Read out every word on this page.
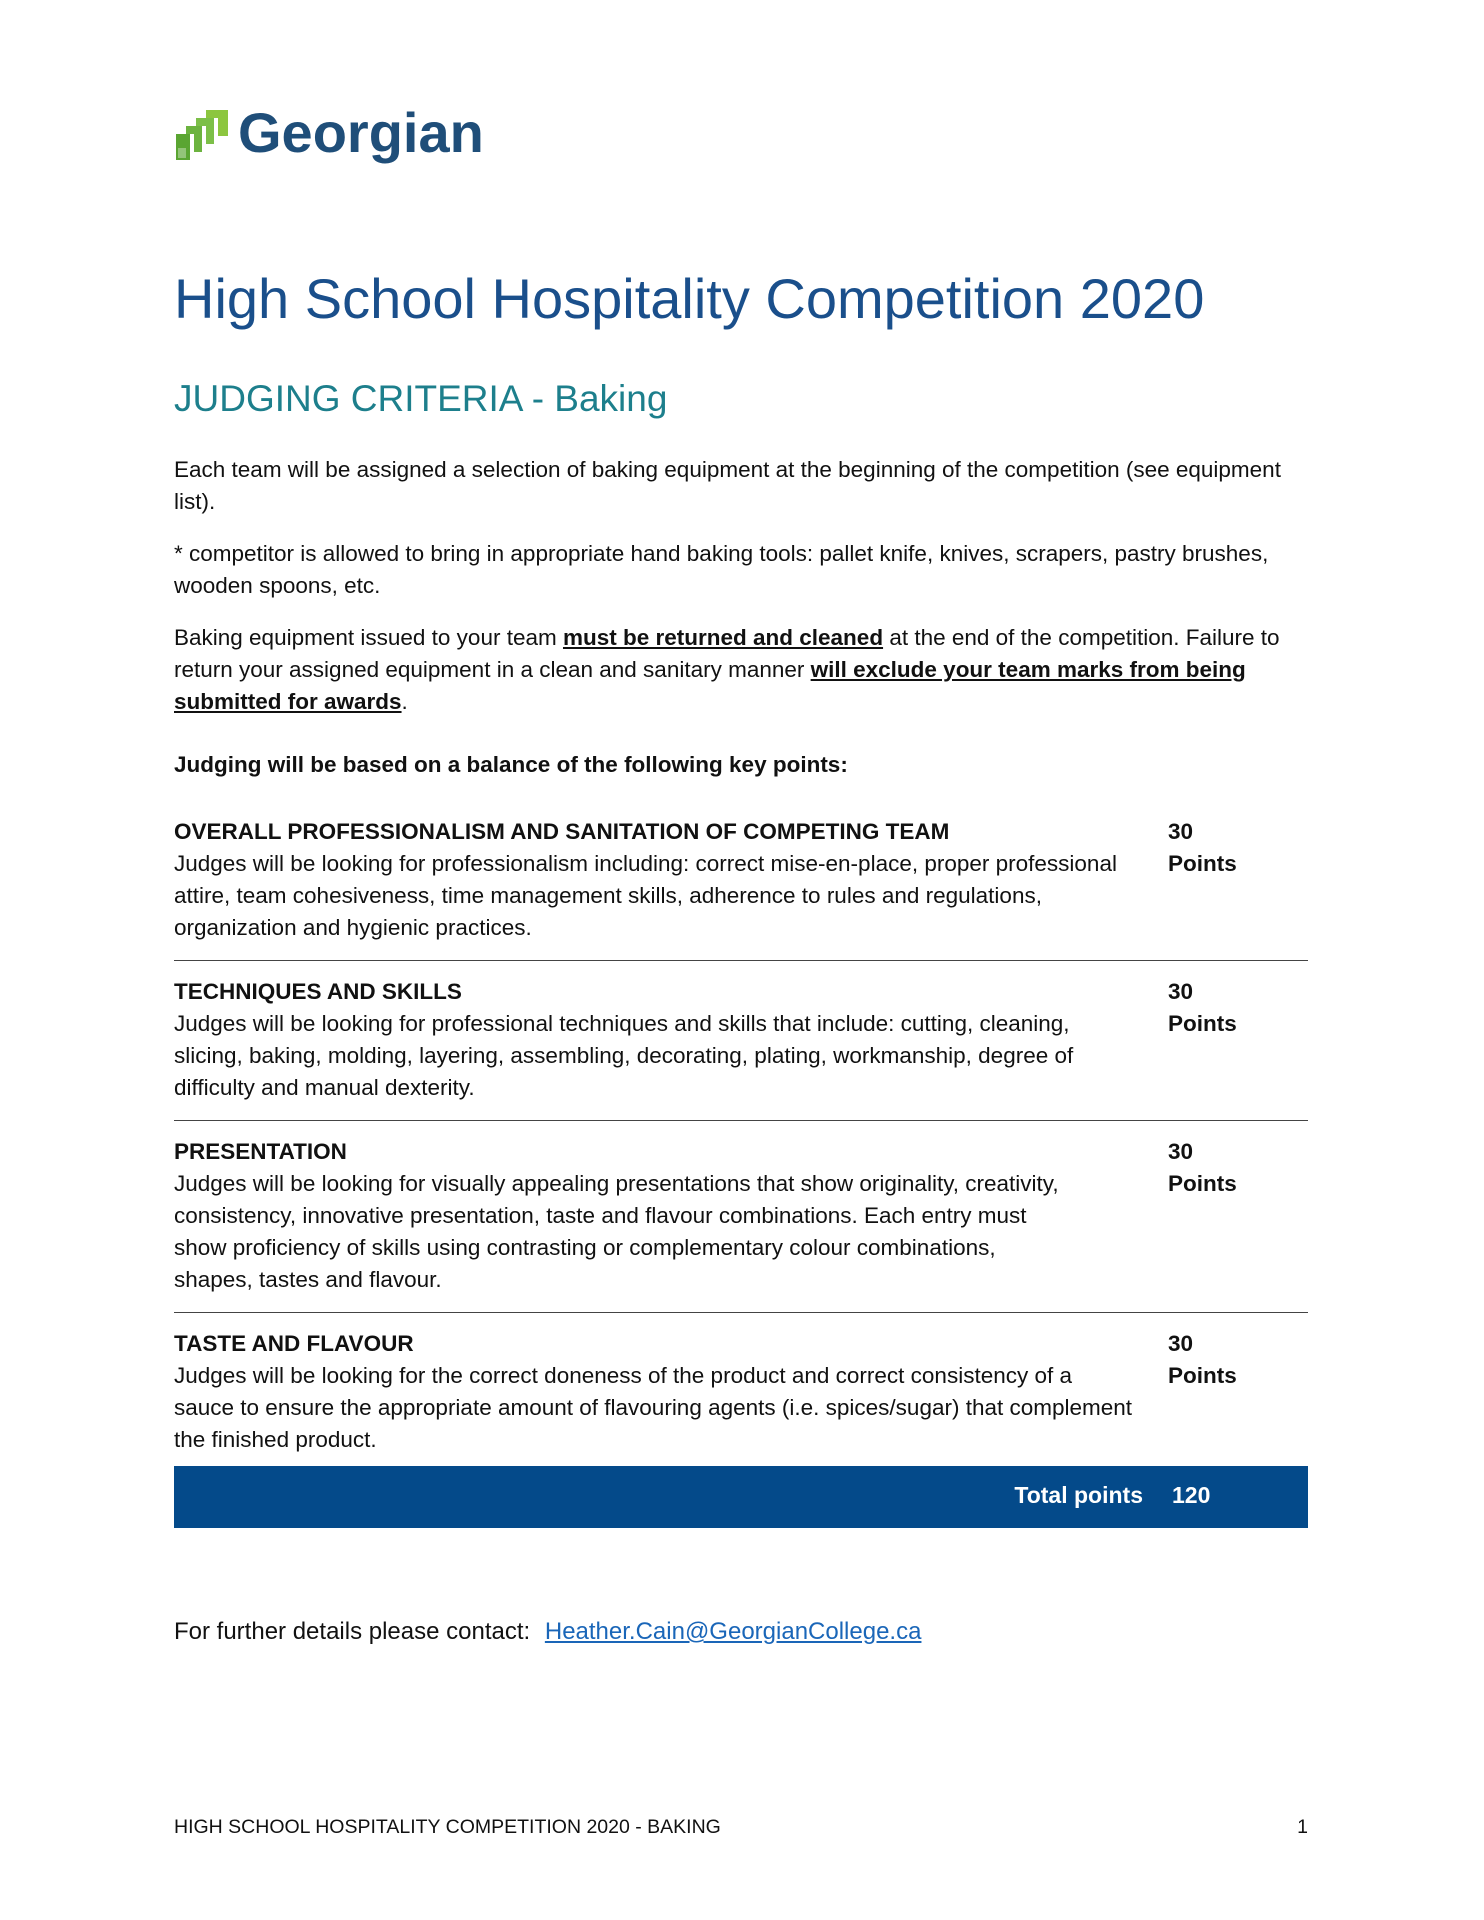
Georgian
High School Hospitality Competition 2020
JUDGING CRITERIA - Baking

Each team will be assigned a selection of baking equipment at the beginning of the competition (see equipment list).

* competitor is allowed to bring in appropriate hand baking tools: pallet knife, knives, scrapers, pastry brushes, wooden spoons, etc.

Baking equipment issued to your team must be returned and cleaned at the end of the competition. Failure to return your assigned equipment in a clean and sanitary manner will exclude your team marks from being submitted for awards.

Judging will be based on a balance of the following key points:

OVERALL PROFESSIONALISM AND SANITATION OF COMPETING TEAM
Judges will be looking for professionalism including: correct mise-en-place, proper professional attire, team cohesiveness, time management skills, adherence to rules and regulations, organization and hygienic practices.
30
Points
TECHNIQUES AND SKILLS
Judges will be looking for professional techniques and skills that include: cutting, cleaning, slicing, baking, molding, layering, assembling, decorating, plating, workmanship, degree of difficulty and manual dexterity.
30
Points
PRESENTATION
Judges will be looking for visually appealing presentations that show originality, creativity, consistency, innovative presentation, taste and flavour combinations. Each entry must show proficiency of skills using contrasting or complementary colour combinations, shapes, tastes and flavour.
30
Points
TASTE AND FLAVOUR
Judges will be looking for the correct doneness of the product and correct consistency of a sauce to ensure the appropriate amount of flavouring agents (i.e. spices/sugar) that complement the finished product.
30
Points
Total points 120
For further details please contact: Heather.Cain@GeorgianCollege.ca
HIGH SCHOOL HOSPITALITY COMPETITION 2020 - BAKING	1
